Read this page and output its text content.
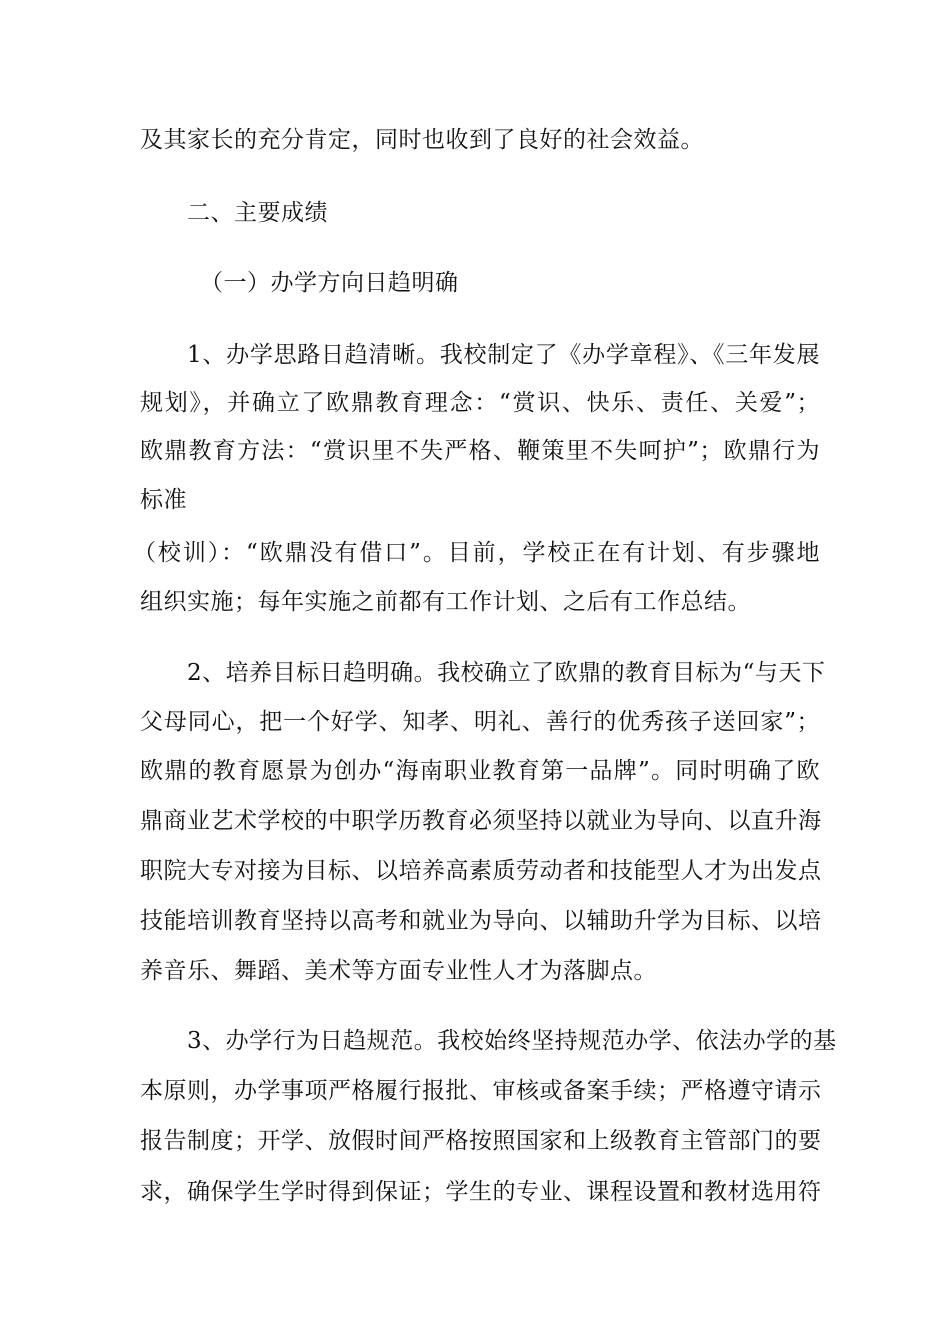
及其家长的充分肯定，同时也收到了良好的社会效益。
二、主要成绩
（一）办学方向日趋明确
1、办学思路日趋清晰。我校制定了《办学章程》、《三年发展
规划》，并确立了欧鼎教育理念：“赏识、快乐、责任、关爱”；
欧鼎教育方法：“赏识里不失严格、鞭策里不失呵护”；欧鼎行为
标准
（校训）：“欧鼎没有借口”。目前，学校正在有计划、有步骤地
组织实施；每年实施之前都有工作计划、之后有工作总结。
2、培养目标日趋明确。我校确立了欧鼎的教育目标为“与天下
父母同心，把一个好学、知孝、明礼、善行的优秀孩子送回家”；
欧鼎的教育愿景为创办“海南职业教育第一品牌”。同时明确了欧
鼎商业艺术学校的中职学历教育必须坚持以就业为导向、以直升海
职院大专对接为目标、以培养高素质劳动者和技能型人才为出发点
技能培训教育坚持以高考和就业为导向、以辅助升学为目标、以培
养音乐、舞蹈、美术等方面专业性人才为落脚点。
3、办学行为日趋规范。我校始终坚持规范办学、依法办学的基
本原则，办学事项严格履行报批、审核或备案手续；严格遵守请示
报告制度；开学、放假时间严格按照国家和上级教育主管部门的要
求，确保学生学时得到保证；学生的专业、课程设置和教材选用符
